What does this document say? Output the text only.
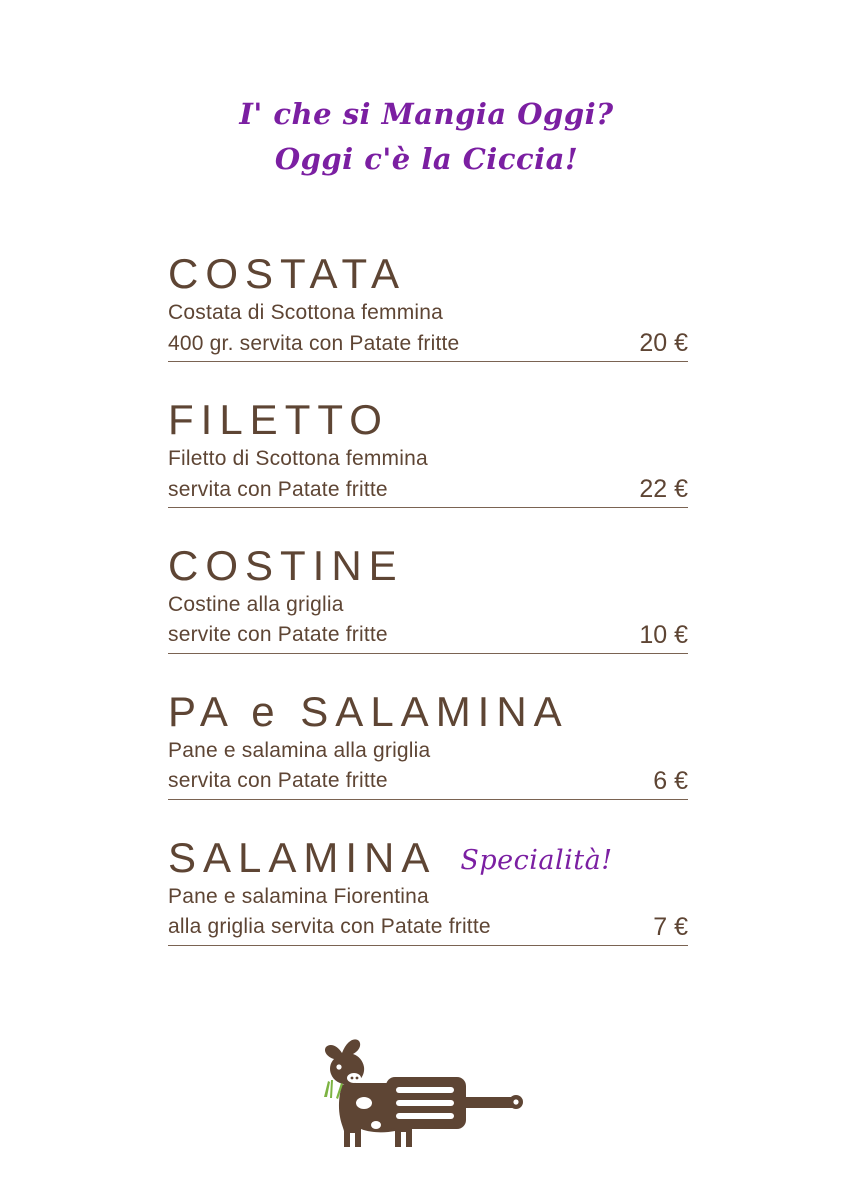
I' che si Mangia Oggi?
Oggi c'è la Ciccia!
COSTATA
Costata di Scottona femmina
400 gr. servita con Patate fritte	20 €
FILETTO
Filetto di Scottona femmina
servita con Patate fritte	22 €
COSTINE
Costine alla griglia
servite con Patate fritte	10 €
PA e SALAMINA
Pane e salamina alla griglia
servita con Patate fritte	6 €
SALAMINA Specialità!
Pane e salamina Fiorentina
alla griglia servita con Patate fritte	7 €
